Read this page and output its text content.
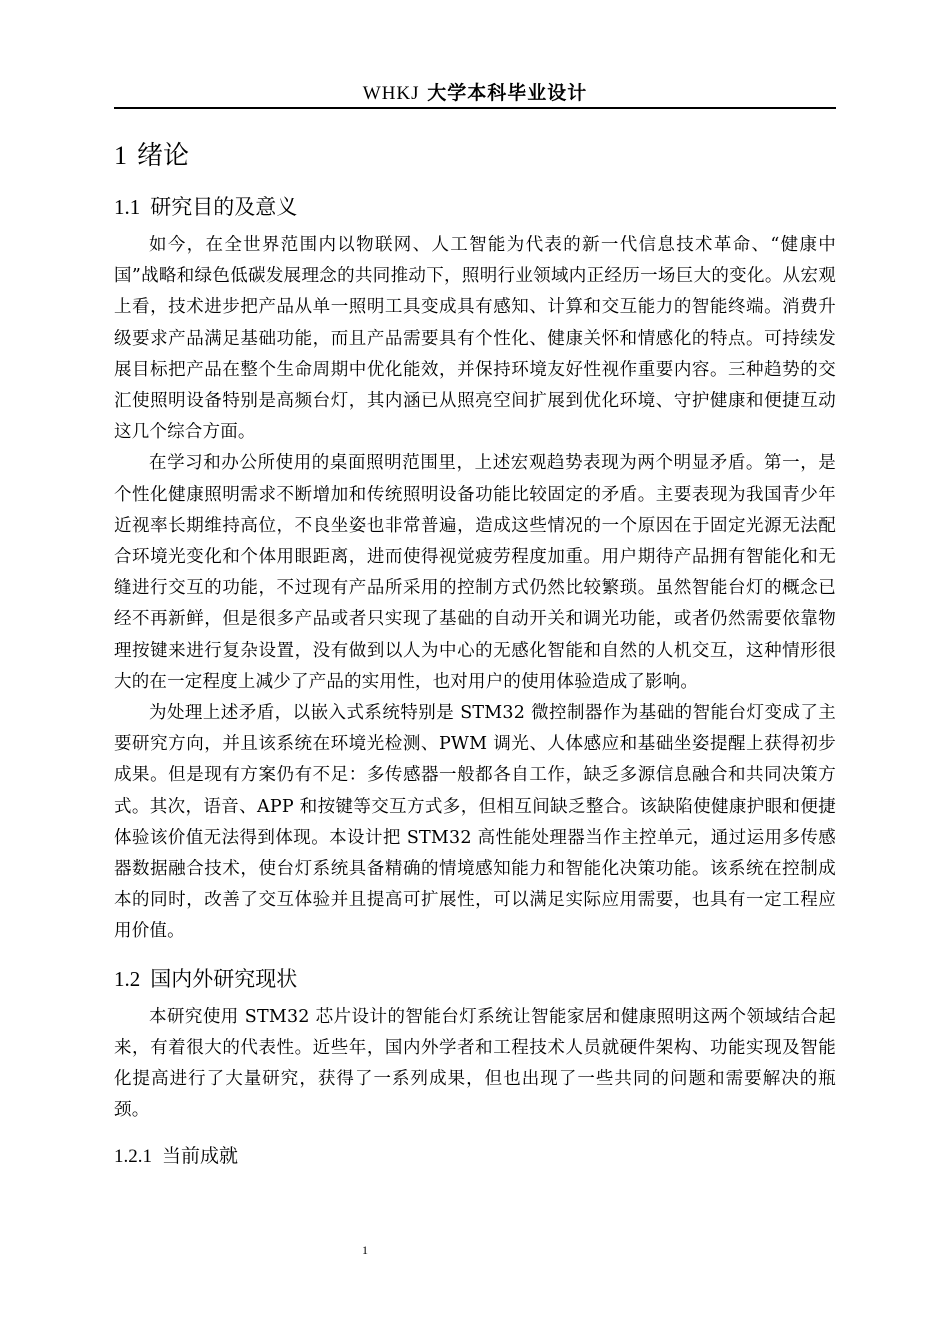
WHKJ 大学本科毕业设计
1 绪论
1.1 研究目的及意义

如今，在全世界范围内以物联网、人工智能为代表的新一代信息技术革命、“健康中国”战略和绿色低碳发展理念的共同推动下，照明行业领域内正经历一场巨大的变化。从宏观上看，技术进步把产品从单一照明工具变成具有感知、计算和交互能力的智能终端。消费升级要求产品满足基础功能，而且产品需要具有个性化、健康关怀和情感化的特点。可持续发展目标把产品在整个生命周期中优化能效，并保持环境友好性视作重要内容。三种趋势的交汇使照明设备特别是高频台灯，其内涵已从照亮空间扩展到优化环境、守护健康和便捷互动这几个综合方面。

在学习和办公所使用的桌面照明范围里，上述宏观趋势表现为两个明显矛盾。第一，是个性化健康照明需求不断增加和传统照明设备功能比较固定的矛盾。主要表现为我国青少年近视率长期维持高位，不良坐姿也非常普遍，造成这些情况的一个原因在于固定光源无法配合环境光变化和个体用眼距离，进而使得视觉疲劳程度加重。用户期待产品拥有智能化和无缝进行交互的功能，不过现有产品所采用的控制方式仍然比较繁琐。虽然智能台灯的概念已经不再新鲜，但是很多产品或者只实现了基础的自动开关和调光功能，或者仍然需要依靠物理按键来进行复杂设置，没有做到以人为中心的无感化智能和自然的人机交互，这种情形很大的在一定程度上减少了产品的实用性，也对用户的使用体验造成了影响。

为处理上述矛盾，以嵌入式系统特别是 STM32 微控制器作为基础的智能台灯变成了主要研究方向，并且该系统在环境光检测、PWM 调光、人体感应和基础坐姿提醒上获得初步成果。但是现有方案仍有不足：多传感器一般都各自工作，缺乏多源信息融合和共同决策方式。其次，语音、APP 和按键等交互方式多，但相互间缺乏整合。该缺陷使健康护眼和便捷体验该价值无法得到体现。本设计把 STM32 高性能处理器当作主控单元，通过运用多传感器数据融合技术，使台灯系统具备精确的情境感知能力和智能化决策功能。该系统在控制成本的同时，改善了交互体验并且提高可扩展性，可以满足实际应用需要，也具有一定工程应用价值。

1.2 国内外研究现状

本研究使用 STM32 芯片设计的智能台灯系统让智能家居和健康照明这两个领域结合起来，有着很大的代表性。近些年，国内外学者和工程技术人员就硬件架构、功能实现及智能化提高进行了大量研究，获得了一系列成果，但也出现了一些共同的问题和需要解决的瓶颈。

1.2.1 当前成就
1
